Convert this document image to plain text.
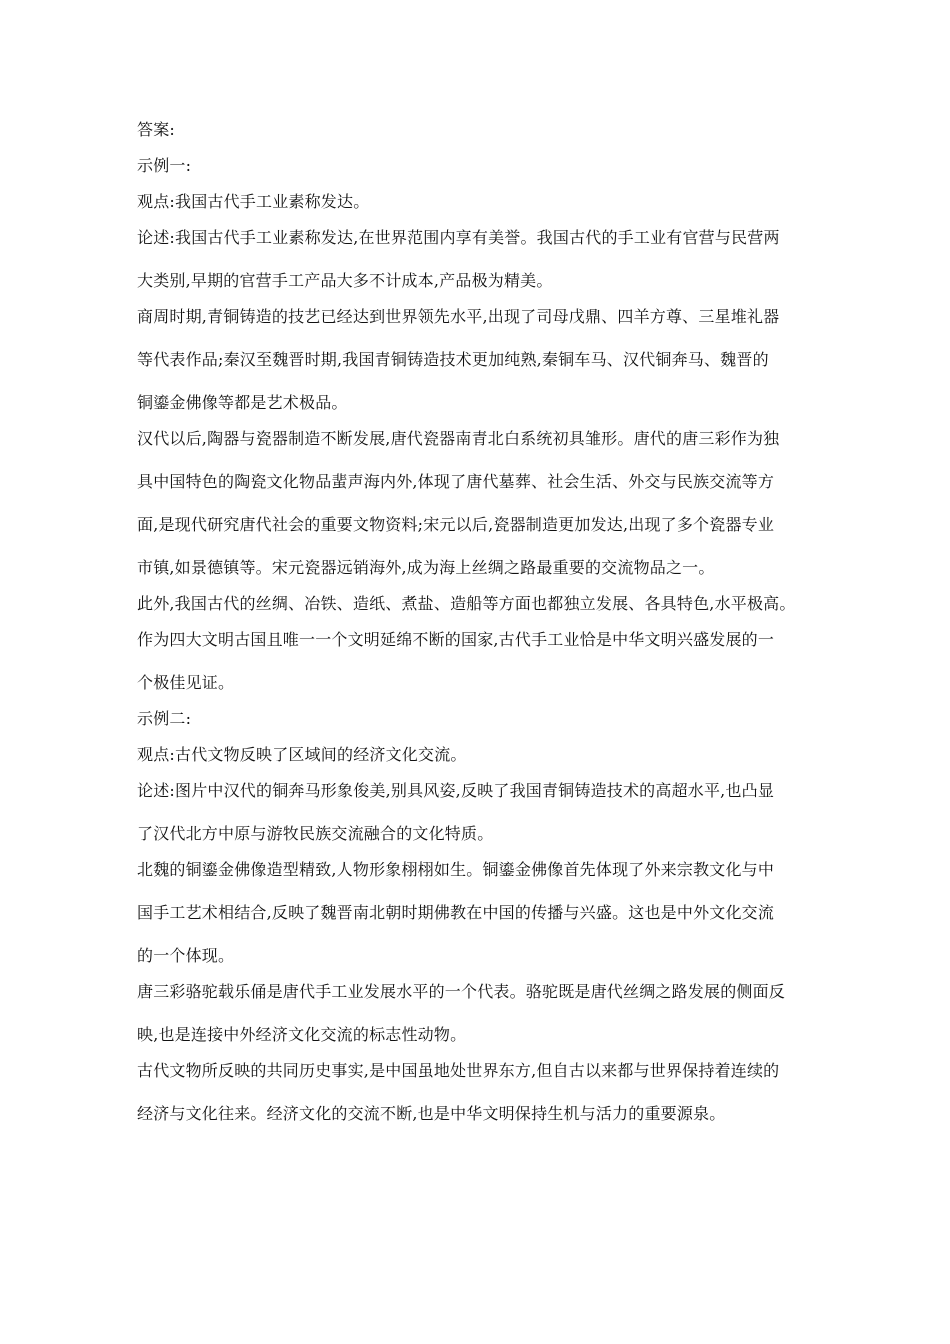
答案:
示例一:
观点:我国古代手工业素称发达。
论述:我国古代手工业素称发达,在世界范围内享有美誉。我国古代的手工业有官营与民营两
大类别,早期的官营手工产品大多不计成本,产品极为精美。
商周时期,青铜铸造的技艺已经达到世界领先水平,出现了司母戊鼎、四羊方尊、三星堆礼器
等代表作品;秦汉至魏晋时期,我国青铜铸造技术更加纯熟,秦铜车马、汉代铜奔马、魏晋的
铜鎏金佛像等都是艺术极品。
汉代以后,陶器与瓷器制造不断发展,唐代瓷器南青北白系统初具雏形。唐代的唐三彩作为独
具中国特色的陶瓷文化物品蜚声海内外,体现了唐代墓葬、社会生活、外交与民族交流等方
面,是现代研究唐代社会的重要文物资料;宋元以后,瓷器制造更加发达,出现了多个瓷器专业
市镇,如景德镇等。宋元瓷器远销海外,成为海上丝绸之路最重要的交流物品之一。
此外,我国古代的丝绸、冶铁、造纸、煮盐、造船等方面也都独立发展、各具特色,水平极高。
作为四大文明古国且唯一一个文明延绵不断的国家,古代手工业恰是中华文明兴盛发展的一
个极佳见证。
示例二:
观点:古代文物反映了区域间的经济文化交流。
论述:图片中汉代的铜奔马形象俊美,别具风姿,反映了我国青铜铸造技术的高超水平,也凸显
了汉代北方中原与游牧民族交流融合的文化特质。
北魏的铜鎏金佛像造型精致,人物形象栩栩如生。铜鎏金佛像首先体现了外来宗教文化与中
国手工艺术相结合,反映了魏晋南北朝时期佛教在中国的传播与兴盛。这也是中外文化交流
的一个体现。
唐三彩骆驼载乐俑是唐代手工业发展水平的一个代表。骆驼既是唐代丝绸之路发展的侧面反
映,也是连接中外经济文化交流的标志性动物。
古代文物所反映的共同历史事实,是中国虽地处世界东方,但自古以来都与世界保持着连续的
经济与文化往来。经济文化的交流不断,也是中华文明保持生机与活力的重要源泉。
